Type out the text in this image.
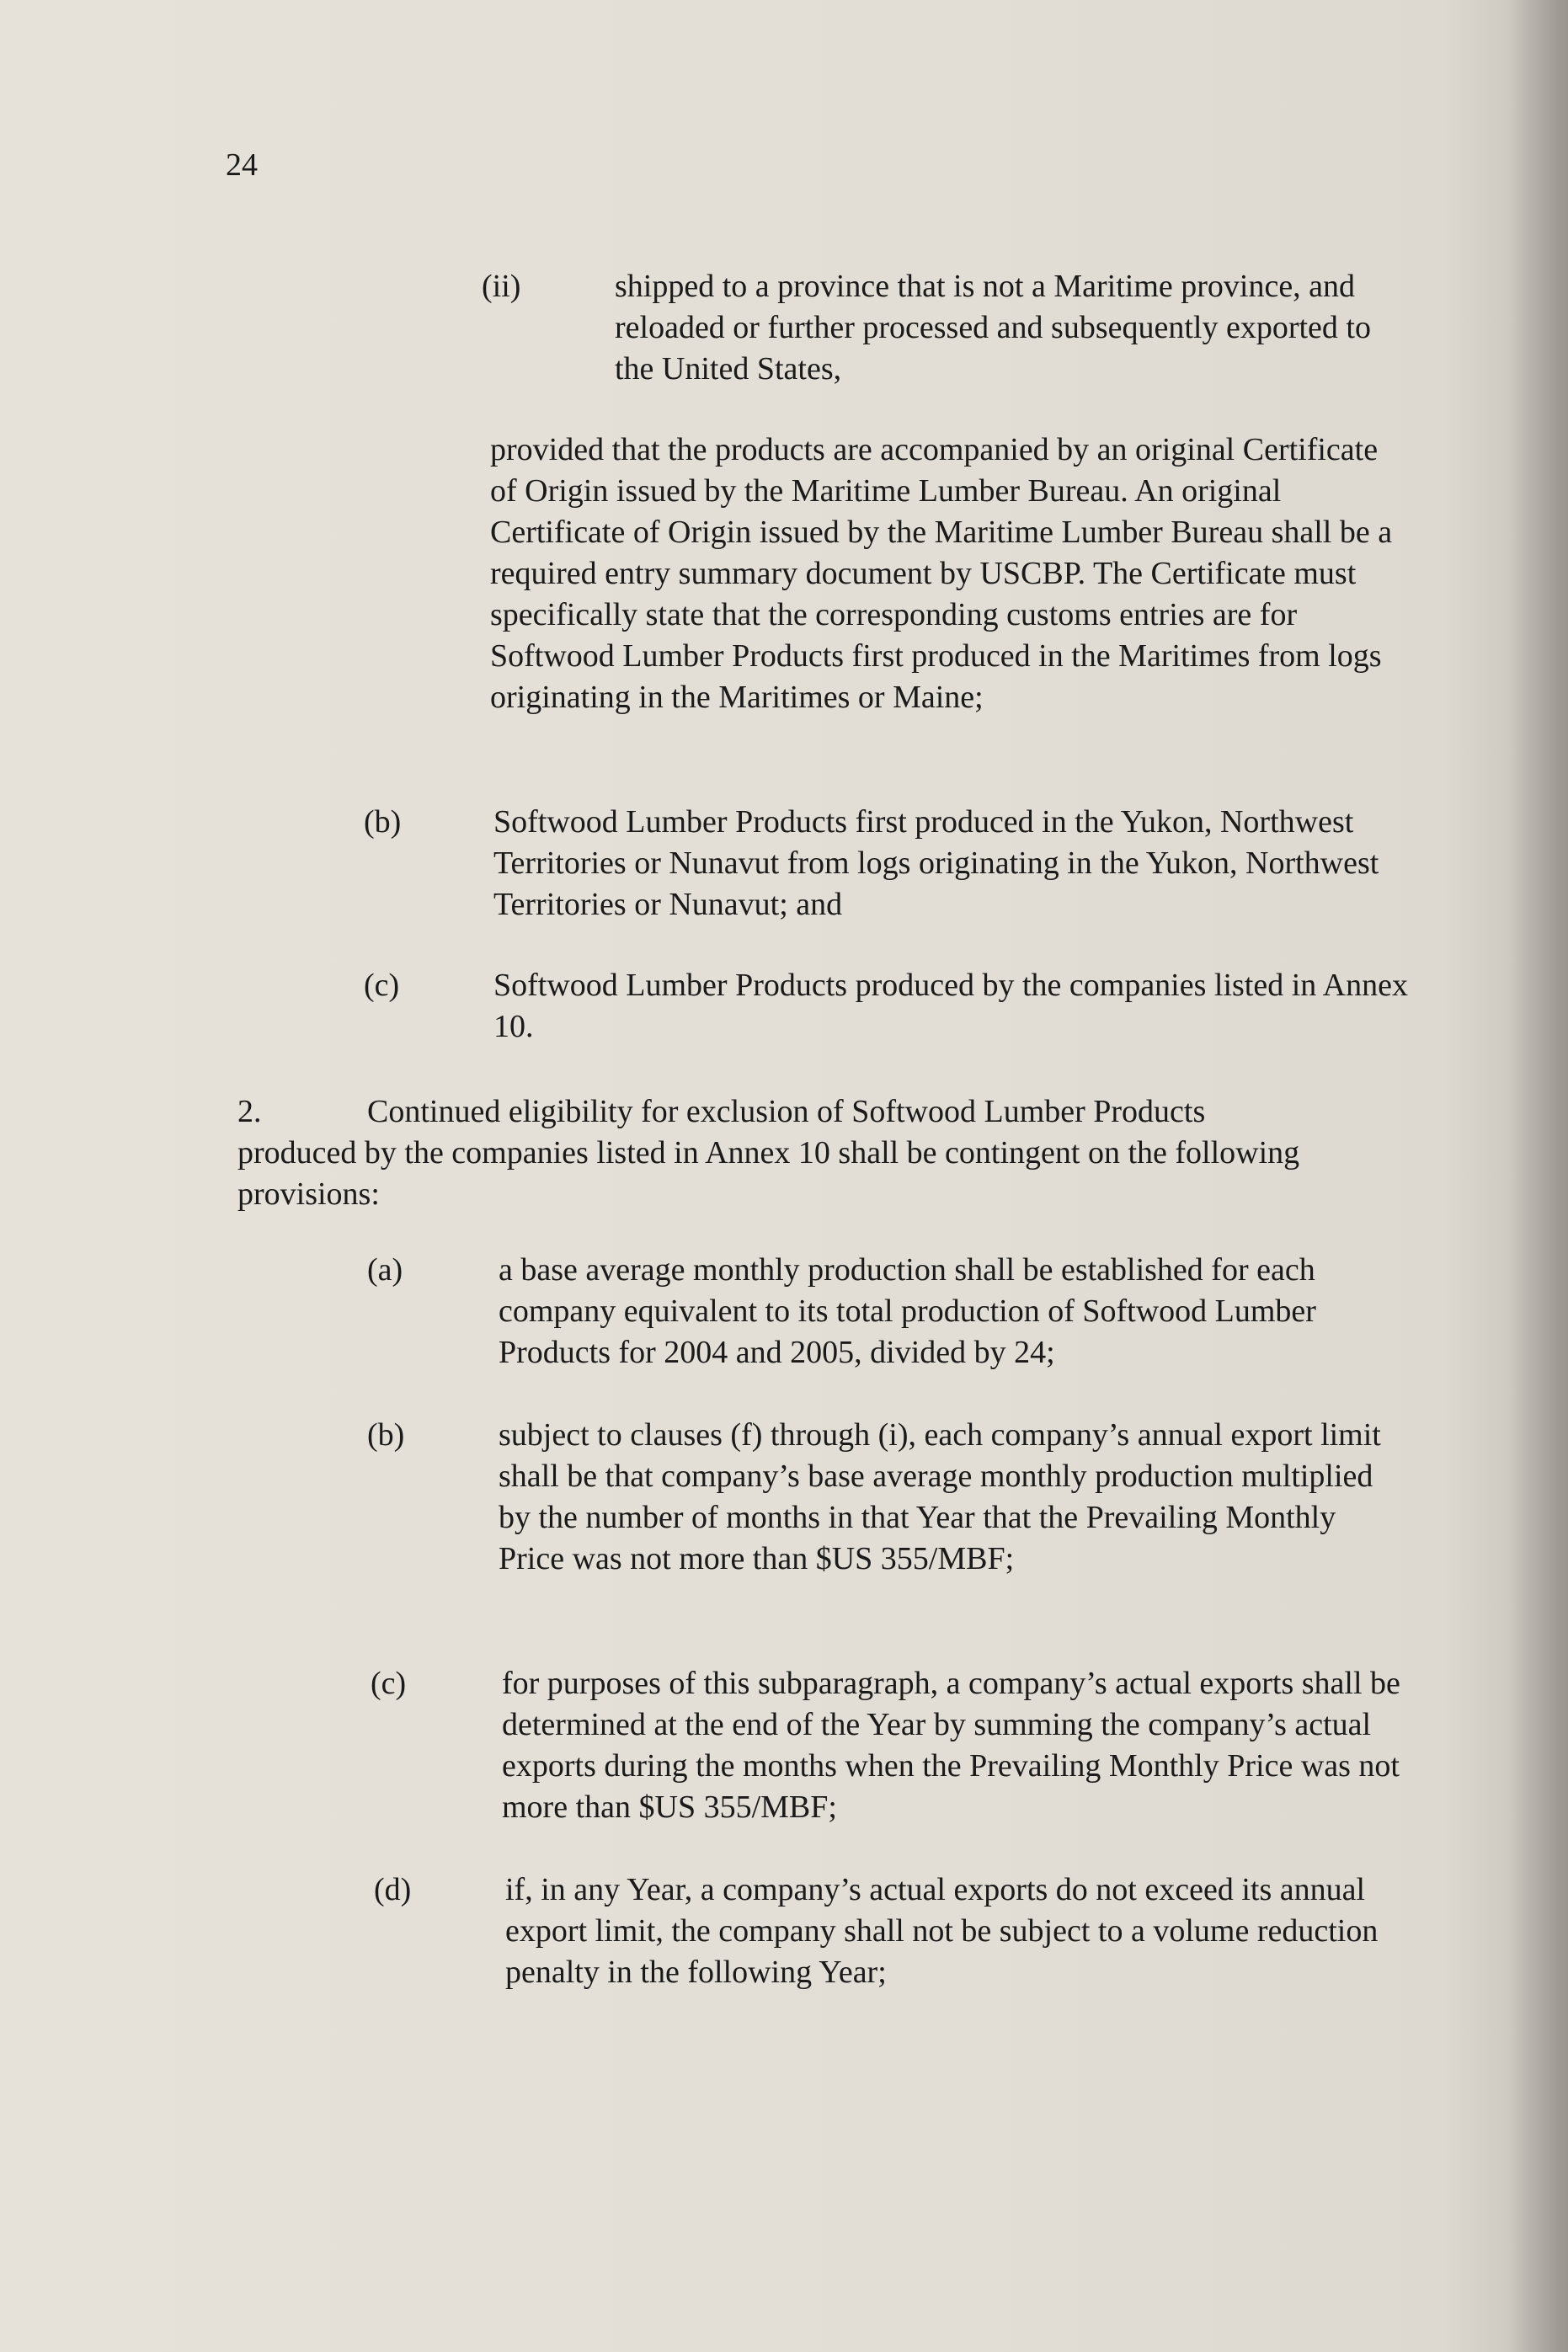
24
(ii)	shipped to a province that is not a Maritime province, and reloaded or further processed and subsequently exported to the United States,
provided that the products are accompanied by an original Certificate of Origin issued by the Maritime Lumber Bureau. An original Certificate of Origin issued by the Maritime Lumber Bureau shall be a required entry summary document by USCBP. The Certificate must specifically state that the corresponding customs entries are for Softwood Lumber Products first produced in the Maritimes from logs originating in the Maritimes or Maine;
(b)	Softwood Lumber Products first produced in the Yukon, Northwest Territories or Nunavut from logs originating in the Yukon, Northwest Territories or Nunavut; and
(c)	Softwood Lumber Products produced by the companies listed in Annex 10.
2.	Continued eligibility for exclusion of Softwood Lumber Products
produced by the companies listed in Annex 10 shall be contingent on the following provisions:
(a)	a base average monthly production shall be established for each company equivalent to its total production of Softwood Lumber Products for 2004 and 2005, divided by 24;
(b)	subject to clauses (f) through (i), each company’s annual export limit shall be that company’s base average monthly production multiplied by the number of months in that Year that the Prevailing Monthly Price was not more than $US 355/MBF;
(c)	for purposes of this subparagraph, a company’s actual exports shall be determined at the end of the Year by summing the company’s actual exports during the months when the Prevailing Monthly Price was not more than $US 355/MBF;
(d)	if, in any Year, a company’s actual exports do not exceed its annual export limit, the company shall not be subject to a volume reduction penalty in the following Year;
